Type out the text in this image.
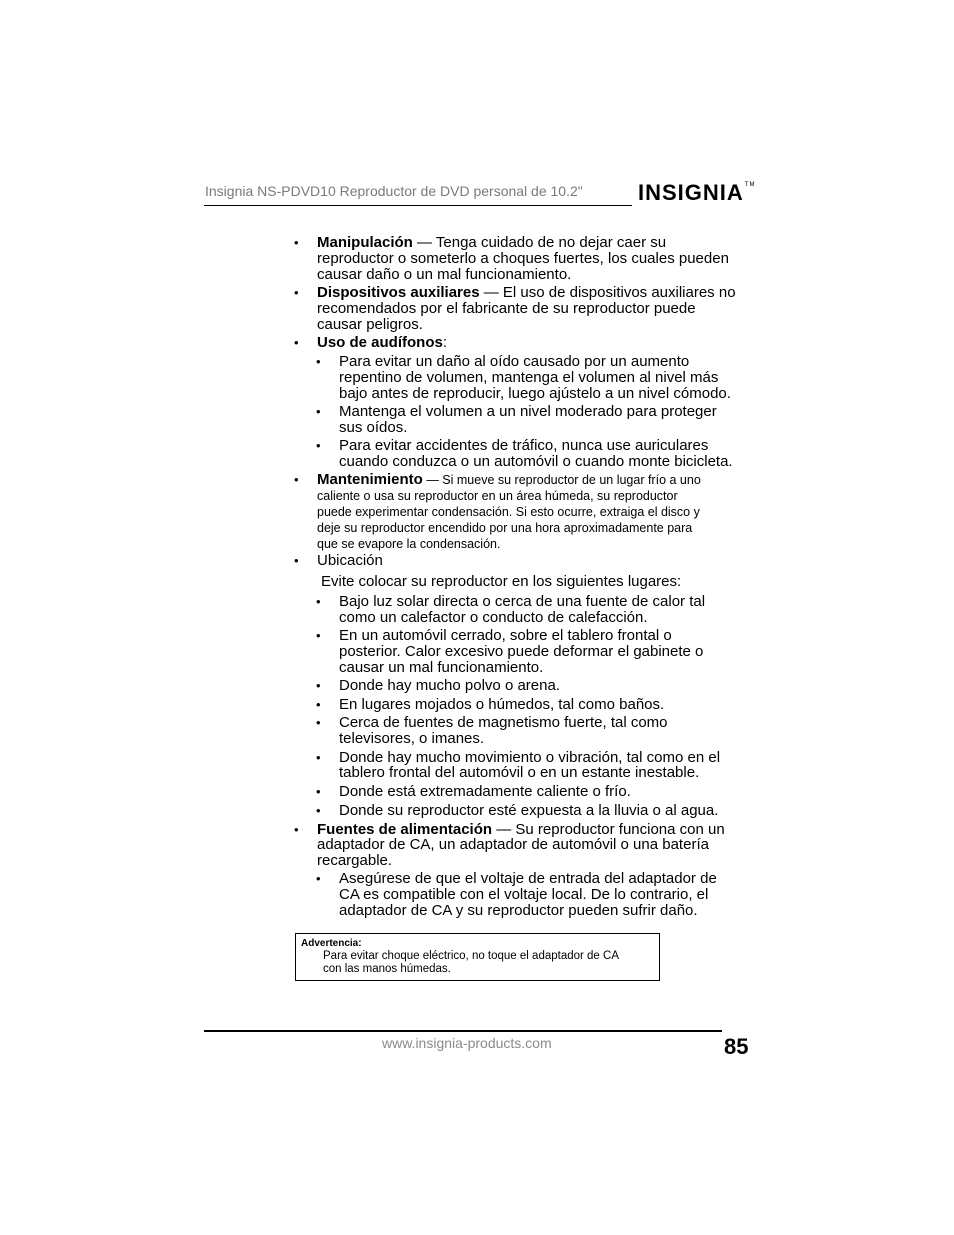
Insignia NS-PDVD10 Reproductor de DVD personal de 10.2"	INSIGNIA™
• Manipulación — Tenga cuidado de no dejar caer su
reproductor o someterlo a choques fuertes, los cuales pueden
causar daño o un mal funcionamiento.
• Dispositivos auxiliares — El uso de dispositivos auxiliares no
recomendados por el fabricante de su reproductor puede
causar peligros.
• Uso de audífonos:
• Para evitar un daño al oído causado por un aumento
repentino de volumen, mantenga el volumen al nivel más
bajo antes de reproducir, luego ajústelo a un nivel cómodo.
• Mantenga el volumen a un nivel moderado para proteger
sus oídos.
• Para evitar accidentes de tráfico, nunca use auriculares
cuando conduzca o un automóvil o cuando monte bicicleta.
• Mantenimiento — Si mueve su reproductor de un lugar frío a uno
caliente o usa su reproductor en un área húmeda, su reproductor
puede experimentar condensación. Si esto ocurre, extraiga el disco y
deje su reproductor encendido por una hora aproximadamente para
que se evapore la condensación.
• Ubicación
Evite colocar su reproductor en los siguientes lugares:
• Bajo luz solar directa o cerca de una fuente de calor tal
como un calefactor o conducto de calefacción.
• En un automóvil cerrado, sobre el tablero frontal o
posterior. Calor excesivo puede deformar el gabinete o
causar un mal funcionamiento.
• Donde hay mucho polvo o arena.
• En lugares mojados o húmedos, tal como baños.
• Cerca de fuentes de magnetismo fuerte, tal como
televisores, o imanes.
• Donde hay mucho movimiento o vibración, tal como en el
tablero frontal del automóvil o en un estante inestable.
• Donde está extremadamente caliente o frío.
• Donde su reproductor esté expuesta a la lluvia o al agua.
• Fuentes de alimentación — Su reproductor funciona con un
adaptador de CA, un adaptador de automóvil o una batería
recargable.
• Asegúrese de que el voltaje de entrada del adaptador de
CA es compatible con el voltaje local. De lo contrario, el
adaptador de CA y su reproductor pueden sufrir daño.
Advertencia:
Para evitar choque eléctrico, no toque el adaptador de CA
con las manos húmedas.
www.insignia-products.com	85
